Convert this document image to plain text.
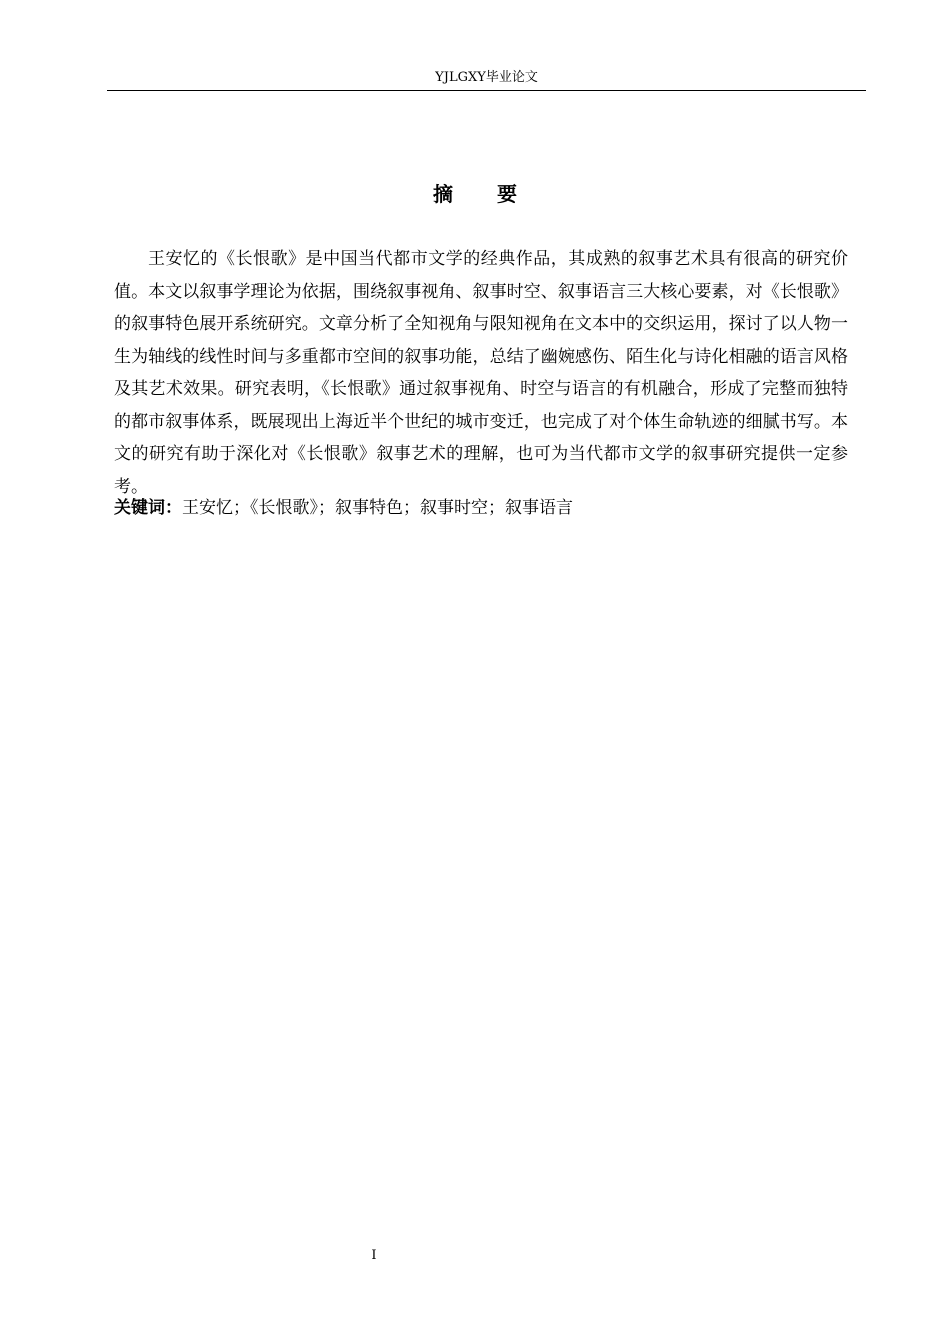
YJLGXY毕业论文
摘 要

王安忆的《长恨歌》是中国当代都市文学的经典作品，其成熟的叙事艺术具有很高的研究价值。本文以叙事学理论为依据，围绕叙事视角、叙事时空、叙事语言三大核心要素，对《长恨歌》的叙事特色展开系统研究。文章分析了全知视角与限知视角在文本中的交织运用，探讨了以人物一生为轴线的线性时间与多重都市空间的叙事功能，总结了幽婉感伤、陌生化与诗化相融的语言风格及其艺术效果。研究表明，《长恨歌》通过叙事视角、时空与语言的有机融合，形成了完整而独特的都市叙事体系，既展现出上海近半个世纪的城市变迁，也完成了对个体生命轨迹的细腻书写。本文的研究有助于深化对《长恨歌》叙事艺术的理解，也可为当代都市文学的叙事研究提供一定参考。

关键词：王安忆；《长恨歌》；叙事特色；叙事时空；叙事语言
I
